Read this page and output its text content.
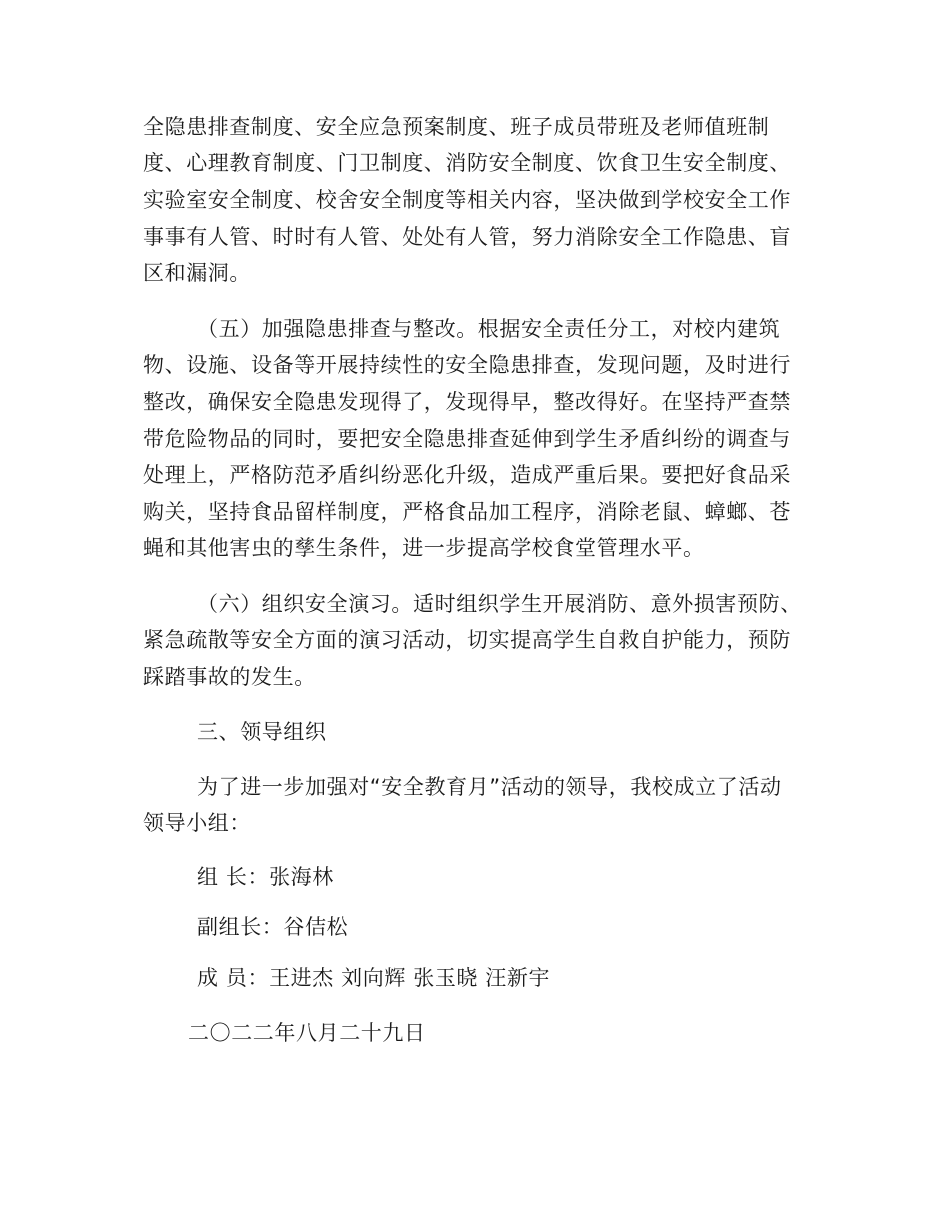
全隐患排查制度、安全应急预案制度、班子成员带班及老师值班制
度、心理教育制度、门卫制度、消防安全制度、饮食卫生安全制度、
实验室安全制度、校舍安全制度等相关内容，坚决做到学校安全工作
事事有人管、时时有人管、处处有人管，努力消除安全工作隐患、盲
区和漏洞。
（五）加强隐患排查与整改。根据安全责任分工，对校内建筑
物、设施、设备等开展持续性的安全隐患排查，发现问题，及时进行
整改，确保安全隐患发现得了，发现得早，整改得好。在坚持严查禁
带危险物品的同时，要把安全隐患排查延伸到学生矛盾纠纷的调查与
处理上，严格防范矛盾纠纷恶化升级，造成严重后果。要把好食品采
购关，坚持食品留样制度，严格食品加工程序，消除老鼠、蟑螂、苍
蝇和其他害虫的孳生条件，进一步提高学校食堂管理水平。
（六）组织安全演习。适时组织学生开展消防、意外损害预防、
紧急疏散等安全方面的演习活动，切实提高学生自救自护能力，预防
踩踏事故的发生。
三、领导组织
为了进一步加强对“安全教育月”活动的领导，我校成立了活动
领导小组：
组 长：张海林
副组长：谷佶松
成 员：王进杰 刘向辉 张玉晓 汪新宇
二〇二二年八月二十九日
